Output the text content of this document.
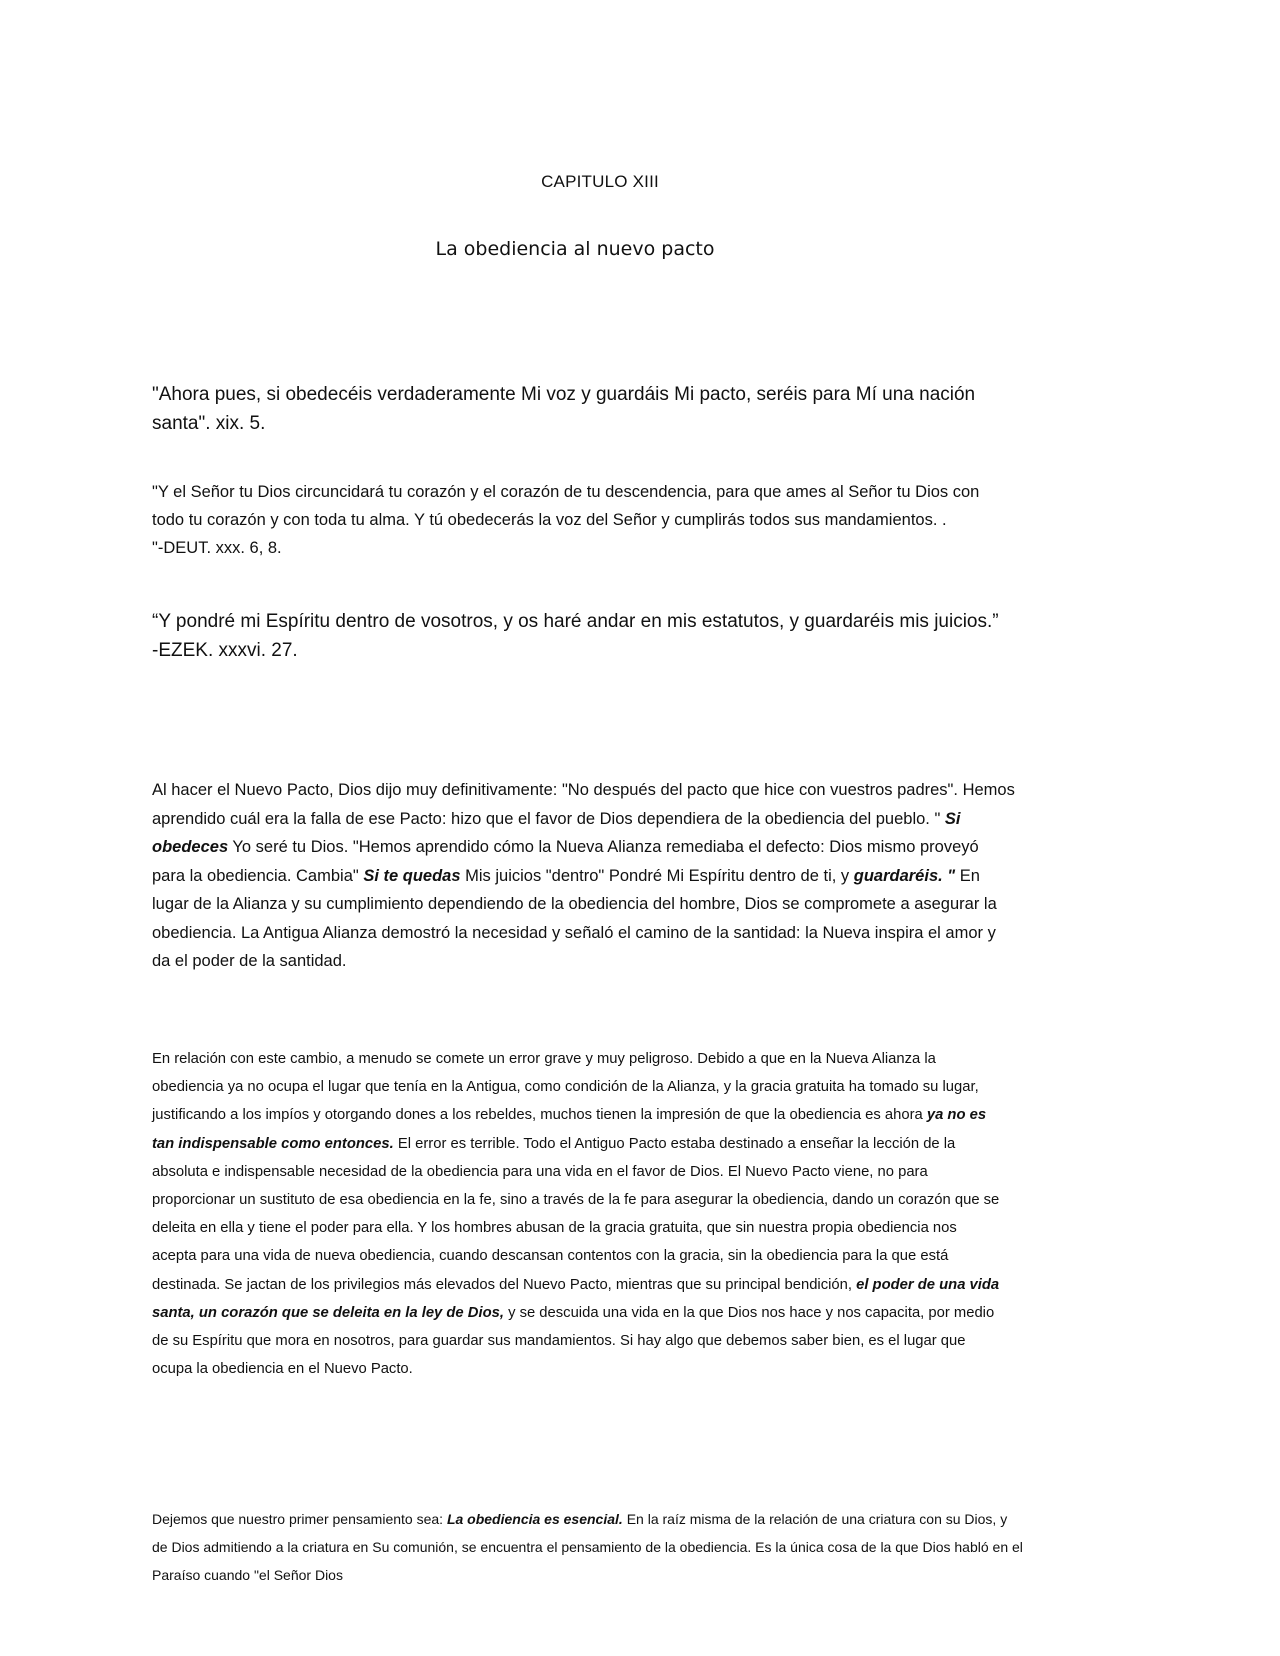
CAPITULO XIII
La obediencia al nuevo pacto
"Ahora pues, si obedecéis verdaderamente Mi voz y guardáis Mi pacto, seréis para Mí una nación
santa". xix. 5.
"Y el Señor tu Dios circuncidará tu corazón y el corazón de tu descendencia, para que ames al Señor tu Dios con
todo tu corazón y con toda tu alma. Y tú obedecerás la voz del Señor y cumplirás todos sus mandamientos. .
"-DEUT. xxx. 6, 8.
“Y pondré mi Espíritu dentro de vosotros, y os haré andar en mis estatutos, y guardaréis mis juicios.”
-EZEK. xxxvi. 27.
Al hacer el Nuevo Pacto, Dios dijo muy definitivamente: "No después del pacto que hice con vuestros padres". Hemos
aprendido cuál era la falla de ese Pacto: hizo que el favor de Dios dependiera de la obediencia del pueblo. " Si
obedeces Yo seré tu Dios. "Hemos aprendido cómo la Nueva Alianza remediaba el defecto: Dios mismo proveyó
para la obediencia. Cambia" Si te quedas Mis juicios "dentro" Pondré Mi Espíritu dentro de ti, y guardaréis. " En
lugar de la Alianza y su cumplimiento dependiendo de la obediencia del hombre, Dios se compromete a asegurar la
obediencia. La Antigua Alianza demostró la necesidad y señaló el camino de la santidad: la Nueva inspira el amor y
da el poder de la santidad.
En relación con este cambio, a menudo se comete un error grave y muy peligroso. Debido a que en la Nueva Alianza la
obediencia ya no ocupa el lugar que tenía en la Antigua, como condición de la Alianza, y la gracia gratuita ha tomado su lugar,
justificando a los impíos y otorgando dones a los rebeldes, muchos tienen la impresión de que la obediencia es ahora ya no es
tan indispensable como entonces. El error es terrible. Todo el Antiguo Pacto estaba destinado a enseñar la lección de la
absoluta e indispensable necesidad de la obediencia para una vida en el favor de Dios. El Nuevo Pacto viene, no para
proporcionar un sustituto de esa obediencia en la fe, sino a través de la fe para asegurar la obediencia, dando un corazón que se
deleita en ella y tiene el poder para ella. Y los hombres abusan de la gracia gratuita, que sin nuestra propia obediencia nos
acepta para una vida de nueva obediencia, cuando descansan contentos con la gracia, sin la obediencia para la que está
destinada. Se jactan de los privilegios más elevados del Nuevo Pacto, mientras que su principal bendición, el poder de una vida
santa, un corazón que se deleita en la ley de Dios, y se descuida una vida en la que Dios nos hace y nos capacita, por medio
de su Espíritu que mora en nosotros, para guardar sus mandamientos. Si hay algo que debemos saber bien, es el lugar que
ocupa la obediencia en el Nuevo Pacto.
Dejemos que nuestro primer pensamiento sea: La obediencia es esencial. En la raíz misma de la relación de una criatura con su Dios, y
de Dios admitiendo a la criatura en Su comunión, se encuentra el pensamiento de la obediencia. Es la única cosa de la que Dios habló en el
Paraíso cuando "el Señor Dios
